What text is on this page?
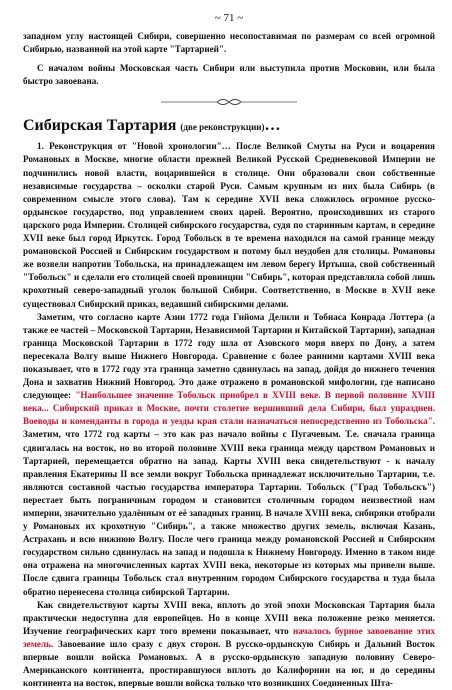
~ 71 ~

западном углу настоящей Сибири, совершенно несопоставимая по размерам со всей огромной Сибирью, названной на этой карте "Тартарией".

С началом войны Московская часть Сибири или выступила против Московии, или была быстро завоевана.

Сибирская Тартария (две реконструкции)…

1. Реконструкция от "Новой хронологии"… После Великой Смуты на Руси и воцарения Романовых в Москве, многие области прежней Великой Русской Средневековой Империи не подчинились новой власти, воцарившейся в столице. Они образовали свои собственные независимые государства – осколки старой Руси. Самым крупным из них была Сибирь (в современном смысле этого слова). Там к середине XVII века сложилось огромное русско-ордынское государство, под управлением своих царей. Вероятно, происходивших из старого царского рода Империи. Столицей сибирского государства, судя по старинным картам, в середине XVII веке был город Иркутск. Город Тобольск в те времена находился на самой границе между романовской Россией и Сибирским государством и потому был неудобен для столицы. Романовы же возвели напротив Тобольска, на принадлежащем им левом берегу Иртыша, свой собственный "Тобольск" и сделали его столицей своей провинции "Сибирь", которая представляла собой лишь крохотный северо-западный уголок большой Сибири. Соответственно, в Москве в XVII веке существовал Сибирский приказ, ведавший сибирскими делами.

Заметим, что согласно карте Азии 1772 года Гийома Делили и Тобиаса Конрада Лоттера (а также ее частей – Московской Тартарии, Независимой Тартарии и Китайской Тартарии), западная граница Московской Тартарии в 1772 году шла от Азовского моря вверх по Дону, а затем пересекала Волгу выше Нижнего Новгорода. Сравнение с более ранними картами XVIII века показывает, что в 1772 году эта граница заметно сдвинулась на запад, дойдя до нижнего течения Дона и захватив Нижний Новгород. Это даже отражено в романовской мифологии, где написано следующее: "Наибольшее значение Тобольск приобрел в XVIII веке. В первой половине XVIII века... Сибирский приказ в Москве, почти столетие вершивший дела Сибири, был упразднен. Воеводы и коменданты в города и уезды края стали назначаться непосредственно из Тобольска". Заметим, что 1772 год карты – это как раз начало войны с Пугачевым. Т.е. сначала граница сдвигалась на восток, но во второй половине XVIII века граница между царством Романовых и Тартарией, перемещается обратно на запад. Карты XVIII века свидетельствуют - к началу правления Екатерины II все земли вокруг Тобольска принадлежат исключительно Тартарии, т.е. являются составной частью государства императора Тартарии. Тобольск ("Град Тобольскъ") перестает быть пограничным городом и становится столичным городом неизвестной нам империи, значительно удалённым от её западных границ. В начале XVIII века, сибиряки отобрали у Романовых их крохотную "Сибирь", а также множество других земель, включая Казань, Астрахань и всю нижнюю Волгу. После чего граница между романовской Россией и Сибирским государством сильно сдвинулась на запад и подошла к Нижнему Новгороду. Именно в таком виде она отражена на многочисленных картах XVIII века, некоторые из которых мы привели выше. После сдвига границы Тобольск стал внутренним городом Сибирского государства и туда была обратно перенесена столица сибирской Тартарии.

Как свидетельствуют карты XVIII века, вплоть до этой эпохи Московская Тартария была практически недоступна для европейцев. Но в конце XVIII века положение резко меняется. Изучение географических карт того времени показывает, что началось бурное завоевание этих земель. Завоевание шло сразу с двух сторон. В русско-ордынскую Сибирь и Дальний Восток впервые вошли войска Романовых. А в русско-ордынскую западную половину Северо-Американского континента, простиравшуюся вплоть до Калифорнии на юг, и до середины континента на восток, впервые вошли войска только что возникших Соединенных Шта-
